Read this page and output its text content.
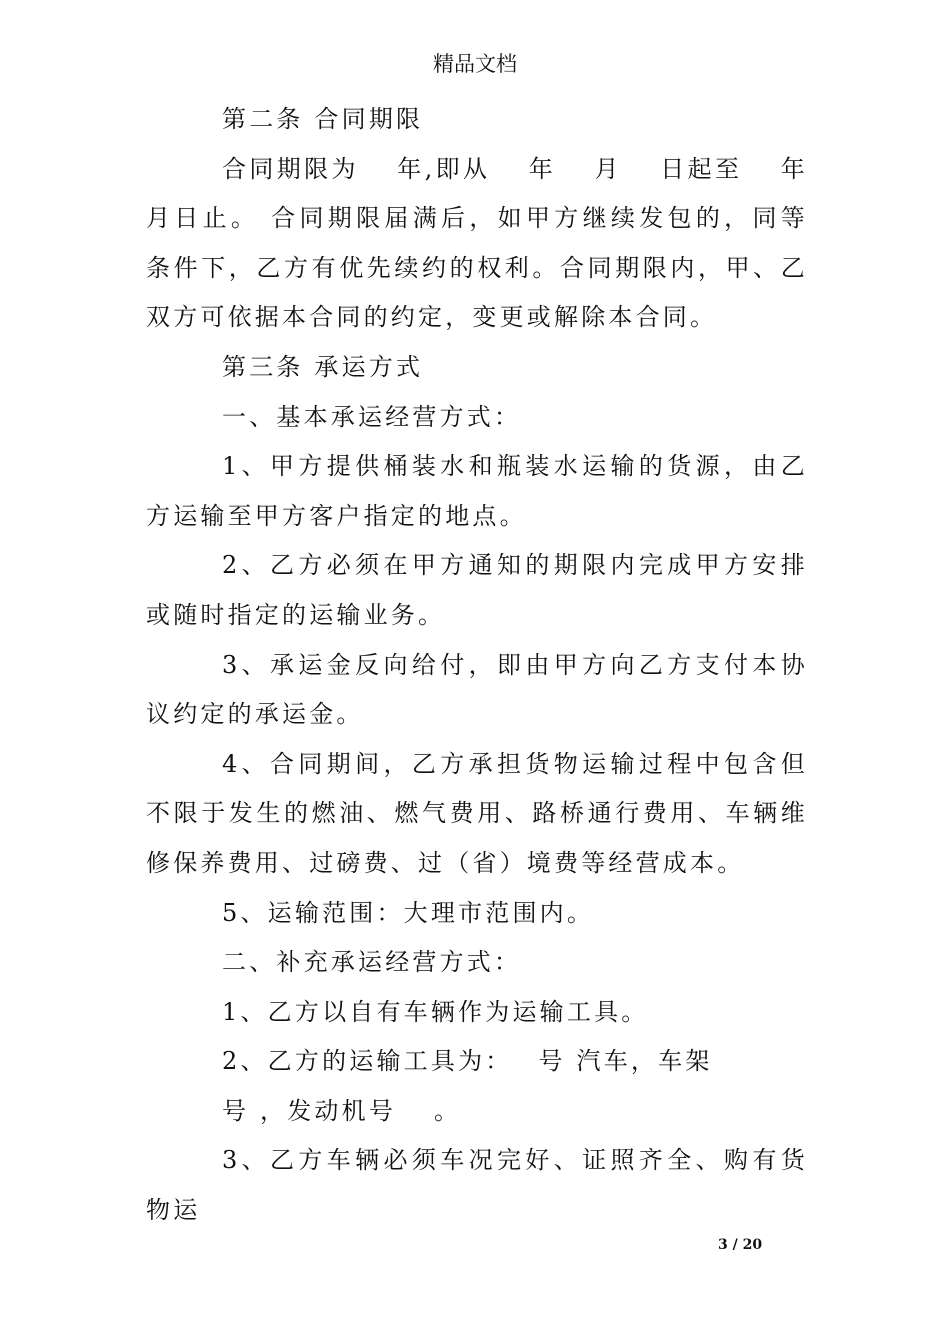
精品文档

第二条 合同期限

合同期限为　 年,即从　 年　 月　 日起至　 年　 月日止。 合同期限届满后，如甲方继续发包的，同等条件下，乙方有优先续约的权利。合同期限内，甲、乙双方可依据本合同的约定，变更或解除本合同。

第三条 承运方式

一、基本承运经营方式：

1、甲方提供桶装水和瓶装水运输的货源，由乙方运输至甲方客户指定的地点。

2、乙方必须在甲方通知的期限内完成甲方安排或随时指定的运输业务。

3、承运金反向给付，即由甲方向乙方支付本协议约定的承运金。

4、合同期间，乙方承担货物运输过程中包含但不限于发生的燃油、燃气费用、路桥通行费用、车辆维修保养费用、过磅费、过（省）境费等经营成本。

5、运输范围：大理市范围内。

二、补充承运经营方式：

1、乙方以自有车辆作为运输工具。

2、乙方的运输工具为：　 号 汽车，车架

号 ，发动机号　 。

3、乙方车辆必须车况完好、证照齐全、购有货物运

3 / 20
